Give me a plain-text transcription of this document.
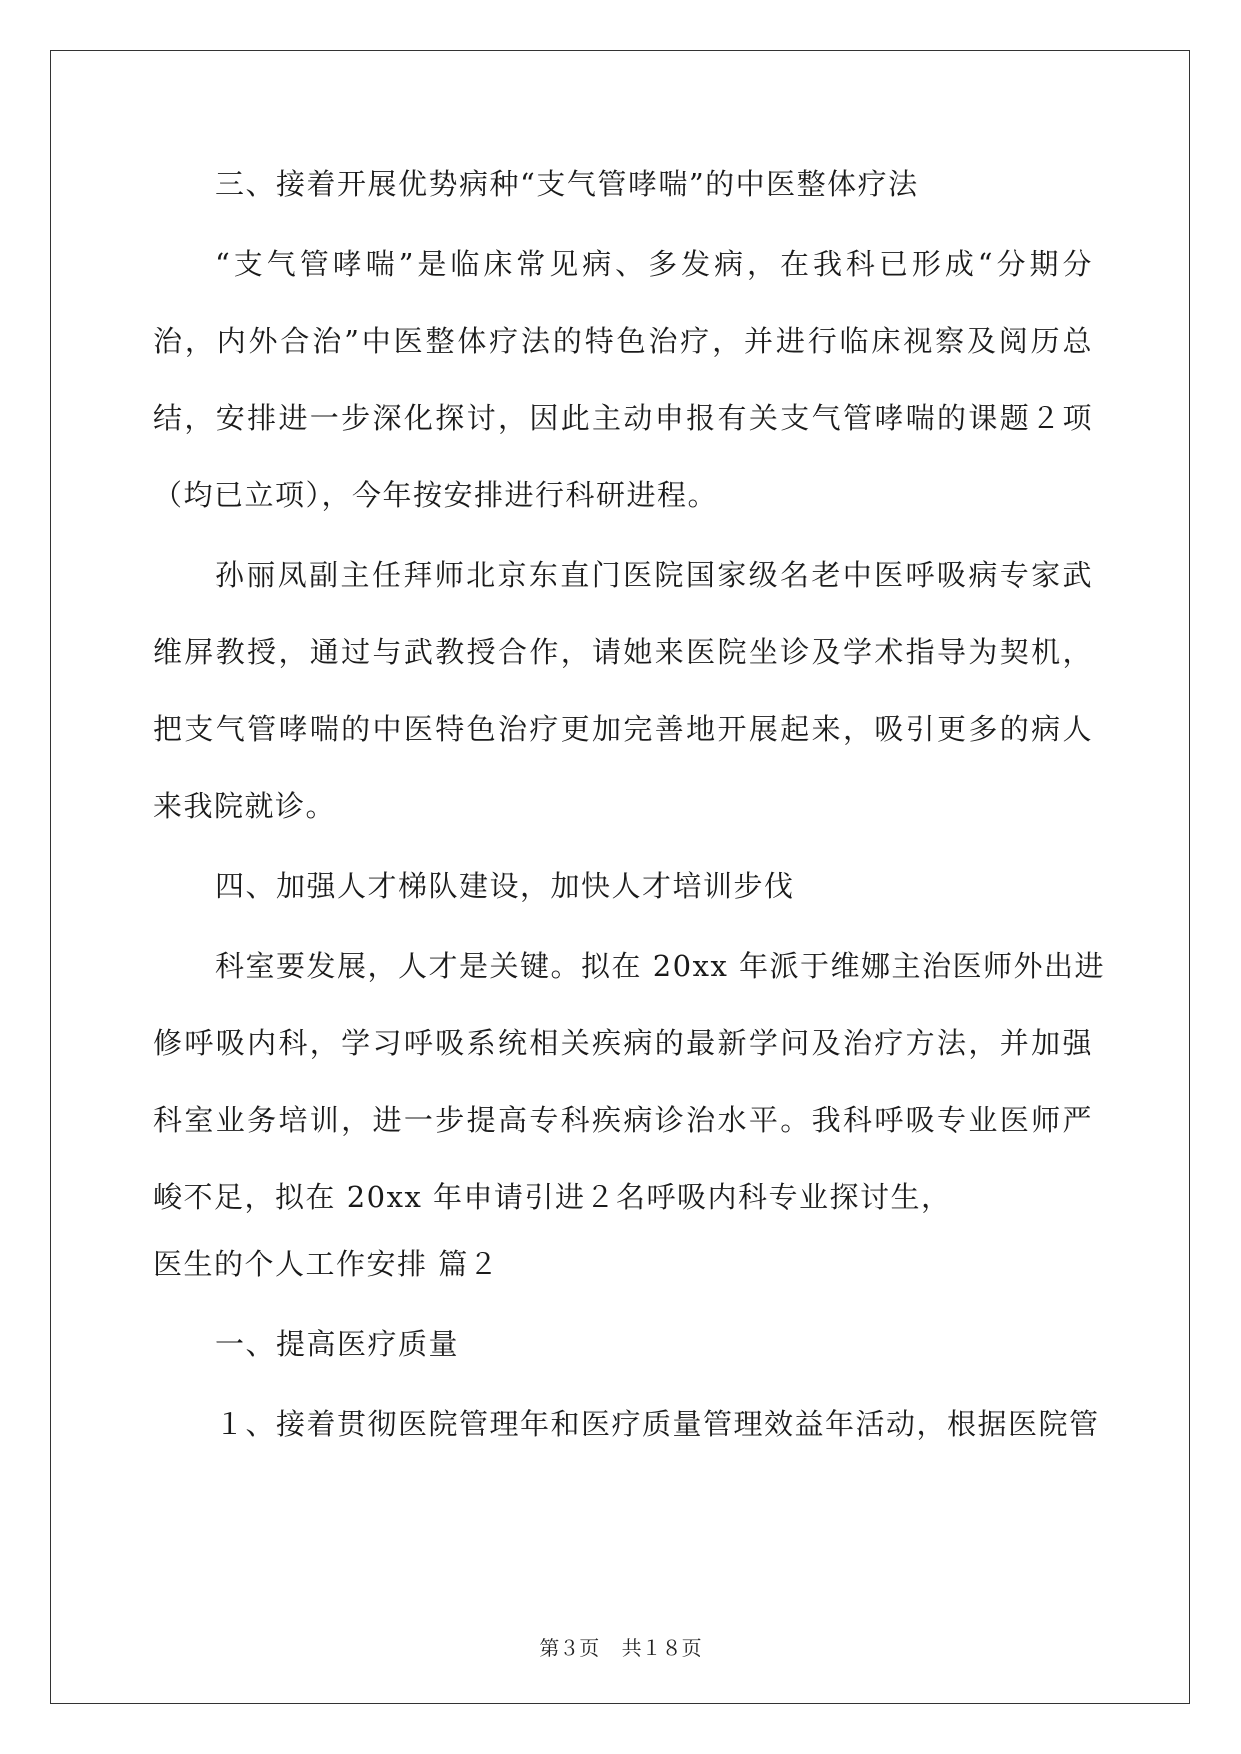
三、接着开展优势病种“支气管哮喘”的中医整体疗法
“支气管哮喘”是临床常见病、多发病，在我科已形成“分期分
治，内外合治”中医整体疗法的特色治疗，并进行临床视察及阅历总
结，安排进一步深化探讨，因此主动申报有关支气管哮喘的课题２项
（均已立项），今年按安排进行科研进程。
孙丽凤副主任拜师北京东直门医院国家级名老中医呼吸病专家武
维屏教授，通过与武教授合作，请她来医院坐诊及学术指导为契机，
把支气管哮喘的中医特色治疗更加完善地开展起来，吸引更多的病人
来我院就诊。
四、加强人才梯队建设，加快人才培训步伐
科室要发展，人才是关键。拟在 20xx 年派于维娜主治医师外出进
修呼吸内科，学习呼吸系统相关疾病的最新学问及治疗方法，并加强
科室业务培训，进一步提高专科疾病诊治水平。我科呼吸专业医师严
峻不足，拟在 20xx 年申请引进２名呼吸内科专业探讨生，
医生的个人工作安排 篇２
一、提高医疗质量
１、接着贯彻医院管理年和医疗质量管理效益年活动，根据医院管
第３页 共１８页
